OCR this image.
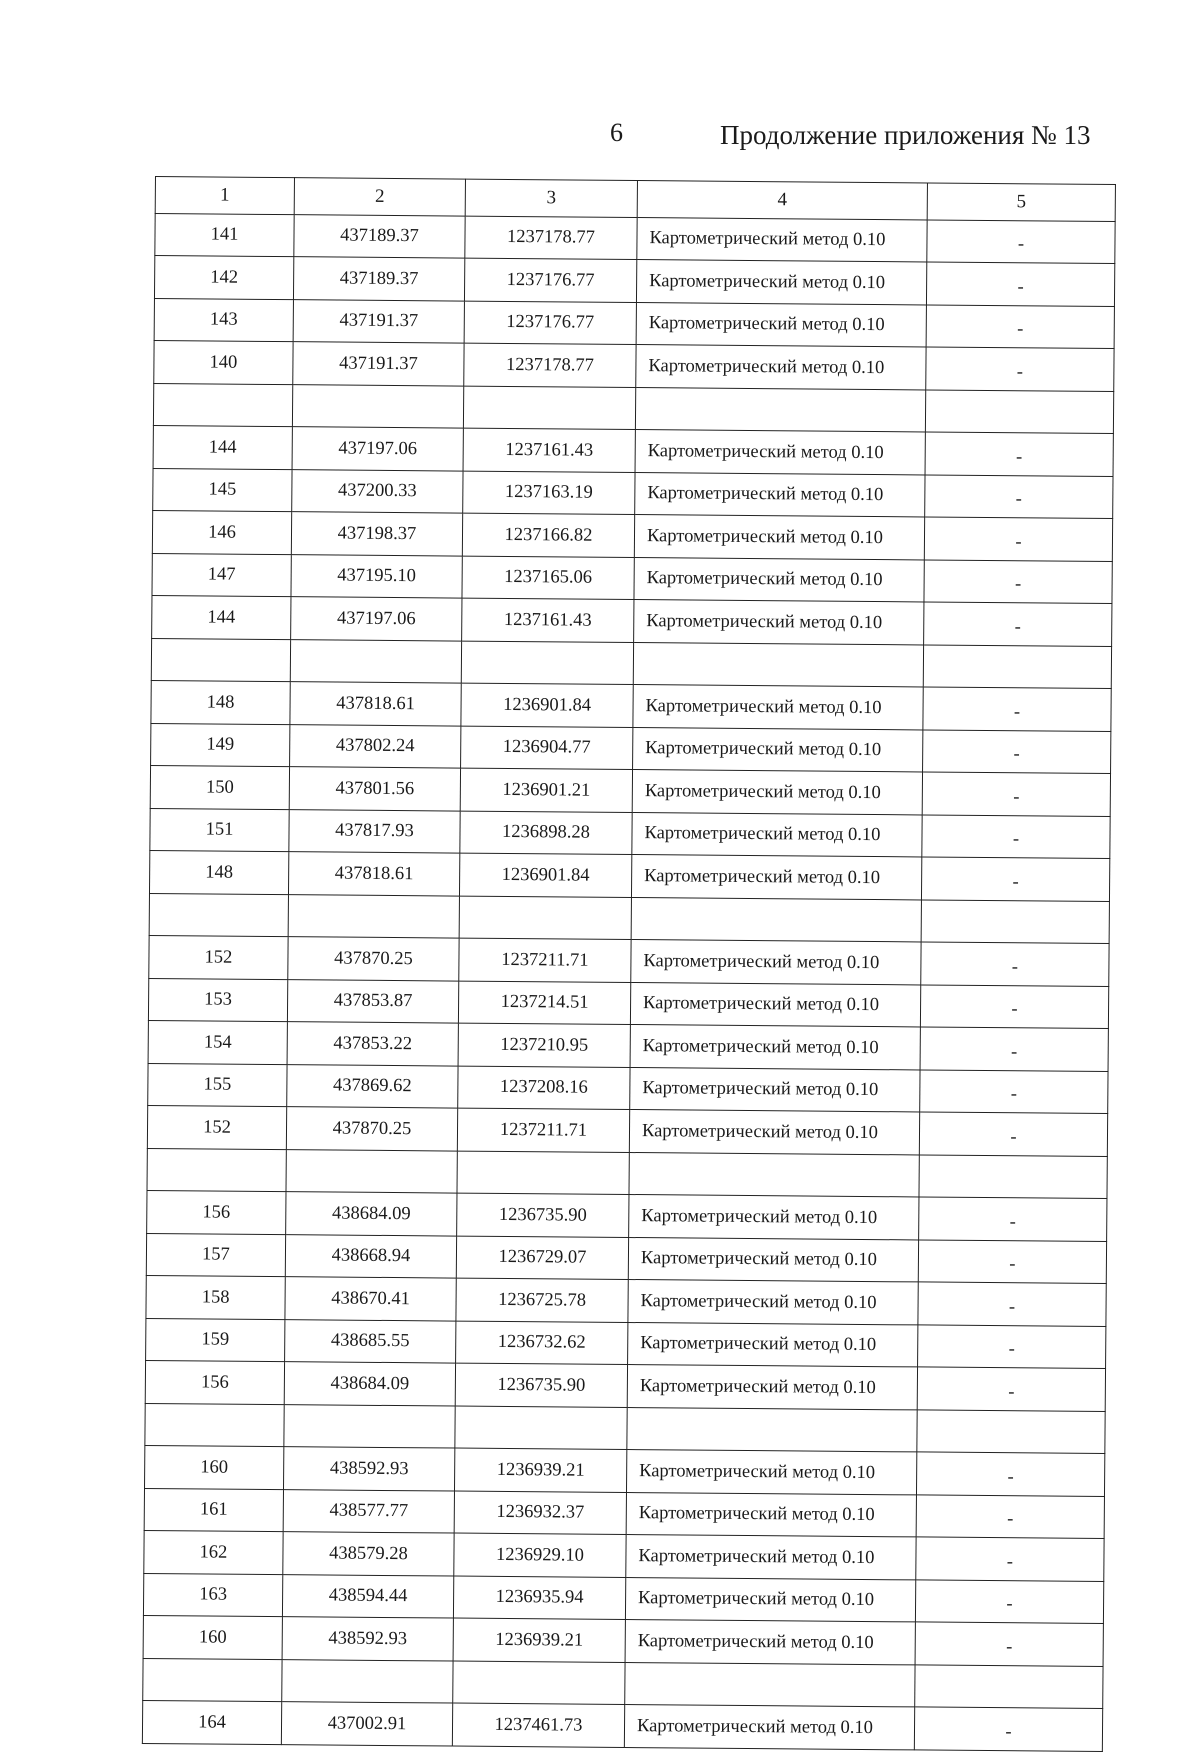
6	Продолжение приложения № 13
1	2	3	4	5
141	437189.37	1237178.77	Картометрический метод 0.10	-
142	437189.37	1237176.77	Картометрический метод 0.10	-
143	437191.37	1237176.77	Картометрический метод 0.10	-
140	437191.37	1237178.77	Картометрический метод 0.10	-

144	437197.06	1237161.43	Картометрический метод 0.10	-
145	437200.33	1237163.19	Картометрический метод 0.10	-
146	437198.37	1237166.82	Картометрический метод 0.10	-
147	437195.10	1237165.06	Картометрический метод 0.10	-
144	437197.06	1237161.43	Картометрический метод 0.10	-

148	437818.61	1236901.84	Картометрический метод 0.10	-
149	437802.24	1236904.77	Картометрический метод 0.10	-
150	437801.56	1236901.21	Картометрический метод 0.10	-
151	437817.93	1236898.28	Картометрический метод 0.10	-
148	437818.61	1236901.84	Картометрический метод 0.10	-

152	437870.25	1237211.71	Картометрический метод 0.10	-
153	437853.87	1237214.51	Картометрический метод 0.10	-
154	437853.22	1237210.95	Картометрический метод 0.10	-
155	437869.62	1237208.16	Картометрический метод 0.10	-
152	437870.25	1237211.71	Картометрический метод 0.10	-

156	438684.09	1236735.90	Картометрический метод 0.10	-
157	438668.94	1236729.07	Картометрический метод 0.10	-
158	438670.41	1236725.78	Картометрический метод 0.10	-
159	438685.55	1236732.62	Картометрический метод 0.10	-
156	438684.09	1236735.90	Картометрический метод 0.10	-

160	438592.93	1236939.21	Картометрический метод 0.10	-
161	438577.77	1236932.37	Картометрический метод 0.10	-
162	438579.28	1236929.10	Картометрический метод 0.10	-
163	438594.44	1236935.94	Картометрический метод 0.10	-
160	438592.93	1236939.21	Картометрический метод 0.10	-

164	437002.91	1237461.73	Картометрический метод 0.10	-
